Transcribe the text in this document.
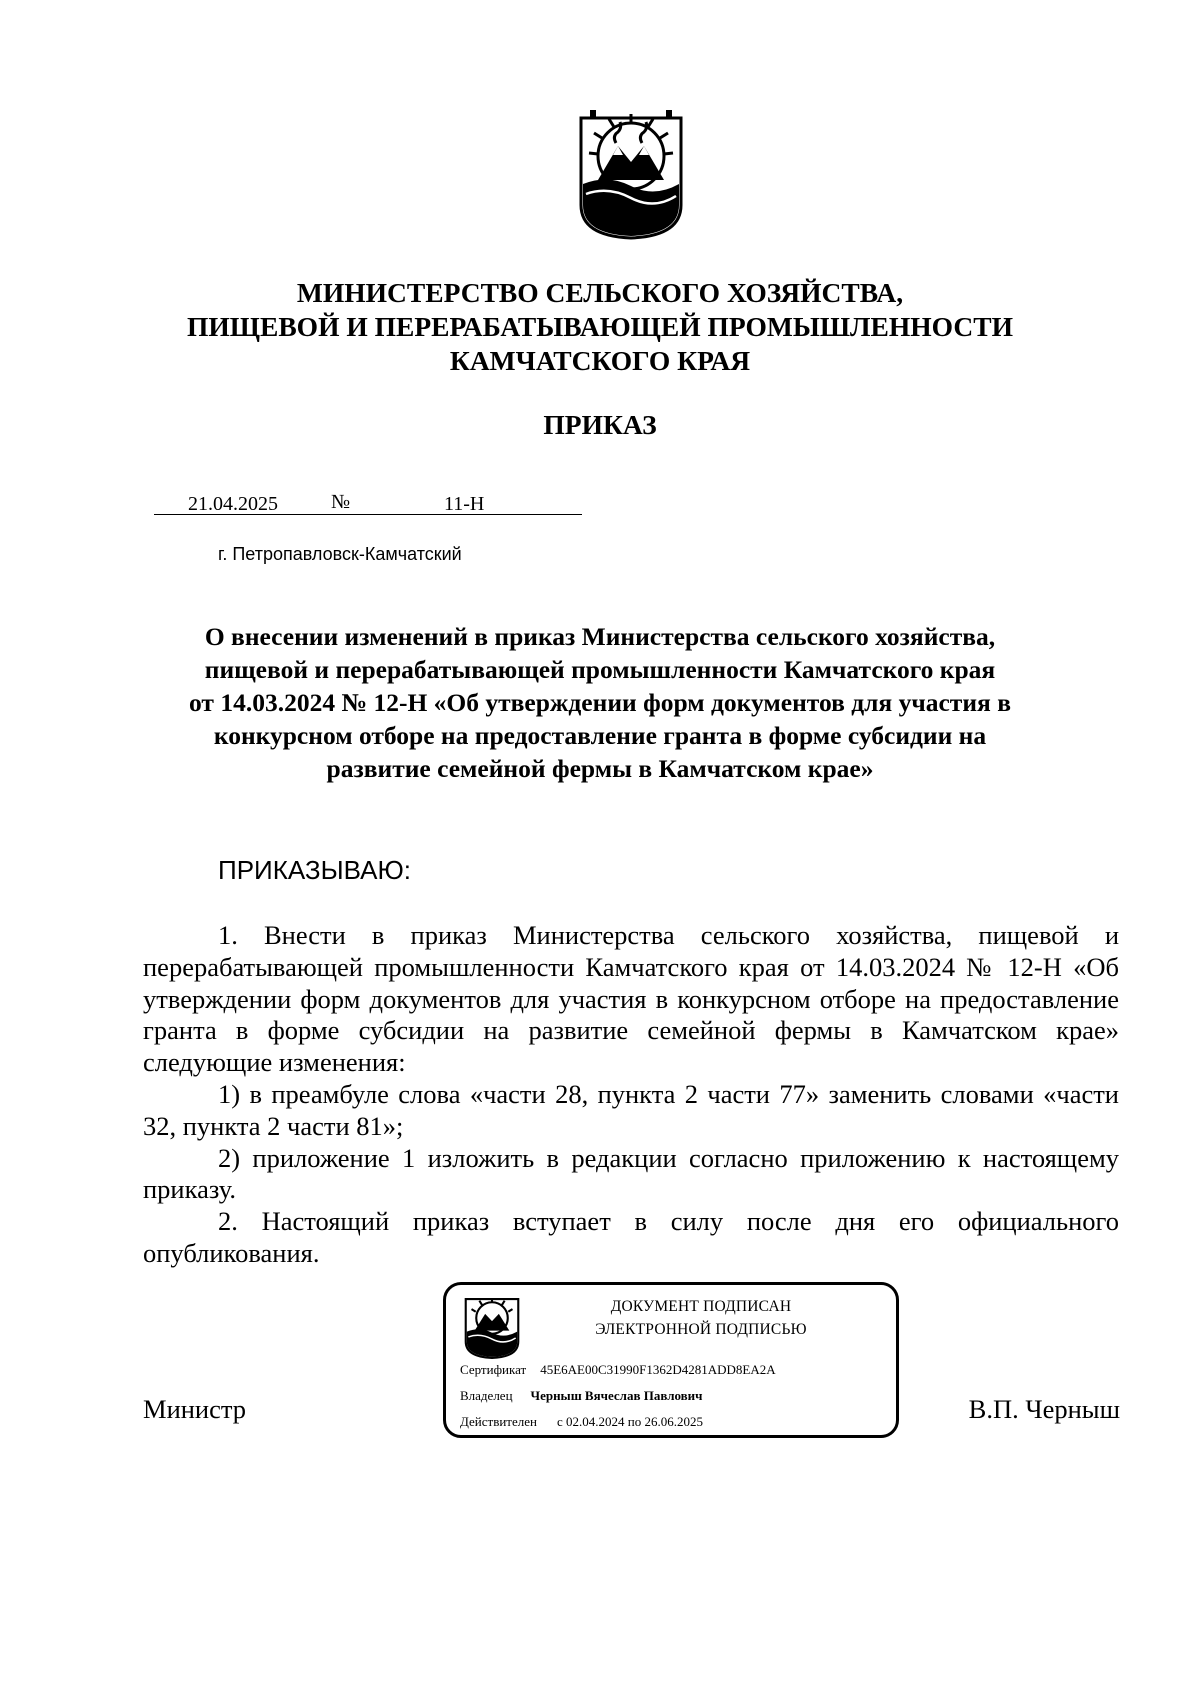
МИНИСТЕРСТВО СЕЛЬСКОГО ХОЗЯЙСТВА,
ПИЩЕВОЙ И ПЕРЕРАБАТЫВАЮЩЕЙ ПРОМЫШЛЕННОСТИ
КАМЧАТСКОГО КРАЯ
ПРИКАЗ
21.04.2025	№	11-Н
г. Петропавловск-Камчатский
О внесении изменений в приказ Министерства сельского хозяйства,
пищевой и перерабатывающей промышленности Камчатского края
от 14.03.2024 № 12-Н «Об утверждении форм документов для участия в
конкурсном отборе на предоставление гранта в форме субсидии на
развитие семейной фермы в Камчатском крае»
ПРИКАЗЫВАЮ:

1. Внести в приказ Министерства сельского хозяйства, пищевой и перерабатывающей промышленности Камчатского края от 14.03.2024 № 12-Н «Об утверждении форм документов для участия в конкурсном отборе на предоставление гранта в форме субсидии на развитие семейной фермы в Камчатском крае» следующие изменения:

1) в преамбуле слова «части 28, пункта 2 части 77» заменить словами «части 32, пункта 2 части 81»;

2) приложение 1 изложить в редакции согласно приложению к настоящему приказу.

2. Настоящий приказ вступает в силу после дня его официального опубликования.

Министр	В.П. Черныш
ДОКУМЕНТ ПОДПИСАН
ЭЛЕКТРОННОЙ ПОДПИСЬЮ
Сертификат 45E6AE00C31990F1362D4281ADD8EA2A
Владелец Черныш Вячеслав Павлович
Действителен с 02.04.2024 по 26.06.2025
